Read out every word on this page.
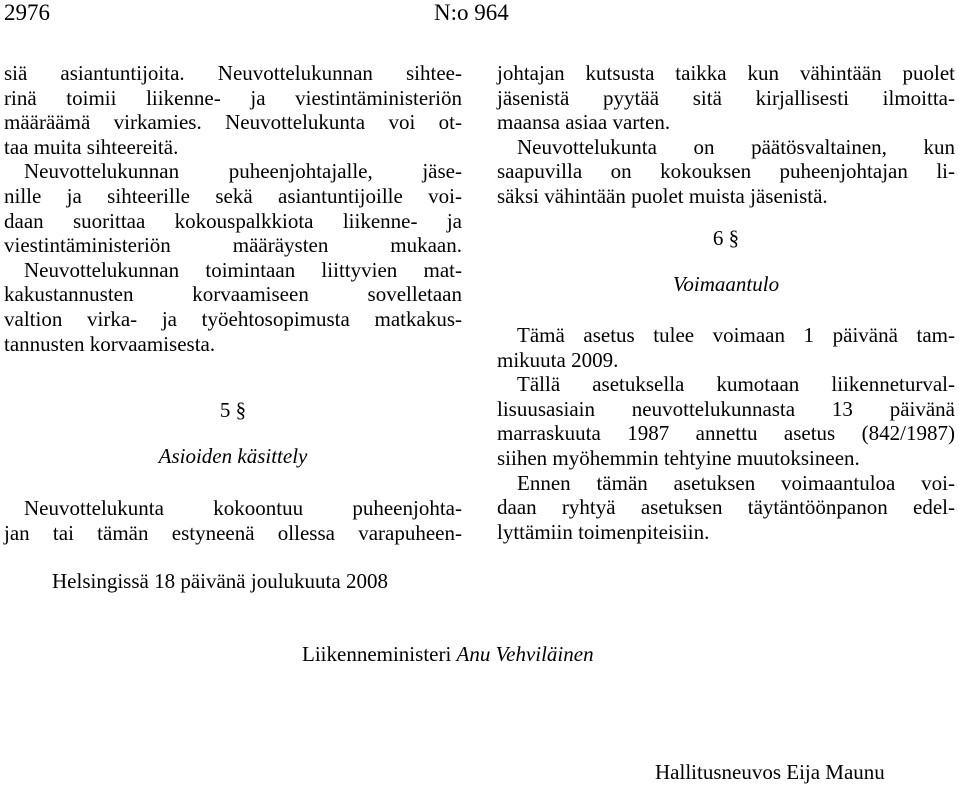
2976	N:o 964
siä asiantuntijoita. Neuvottelukunnan sihtee-
rinä toimii liikenne- ja viestintäministeriön
määräämä virkamies. Neuvottelukunta voi ot-
taa muita sihteereitä.
Neuvottelukunnan puheenjohtajalle, jäse-
nille ja sihteerille sekä asiantuntijoille voi-
daan suorittaa kokouspalkkiota liikenne- ja
viestintäministeriön määräysten mukaan.
Neuvottelukunnan toimintaan liittyvien mat-
kakustannusten korvaamiseen sovelletaan
valtion virka- ja työehtosopimusta matkakus-
tannusten korvaamisesta.
5 §
Asioiden käsittely
Neuvottelukunta kokoontuu puheenjohta-
jan tai tämän estyneenä ollessa varapuheen-
johtajan kutsusta taikka kun vähintään puolet
jäsenistä pyytää sitä kirjallisesti ilmoitta-
maansa asiaa varten.
Neuvottelukunta on päätösvaltainen, kun
saapuvilla on kokouksen puheenjohtajan li-
säksi vähintään puolet muista jäsenistä.
6 §
Voimaantulo
Tämä asetus tulee voimaan 1 päivänä tam-
mikuuta 2009.
Tällä asetuksella kumotaan liikenneturval-
lisuusasiain neuvottelukunnasta 13 päivänä
marraskuuta 1987 annettu asetus (842/1987)
siihen myöhemmin tehtyine muutoksineen.
Ennen tämän asetuksen voimaantuloa voi-
daan ryhtyä asetuksen täytäntöönpanon edel-
lyttämiin toimenpiteisiin.
Helsingissä 18 päivänä joulukuuta 2008
Liikenneministeri Anu Vehviläinen
Hallitusneuvos Eija Maunu
